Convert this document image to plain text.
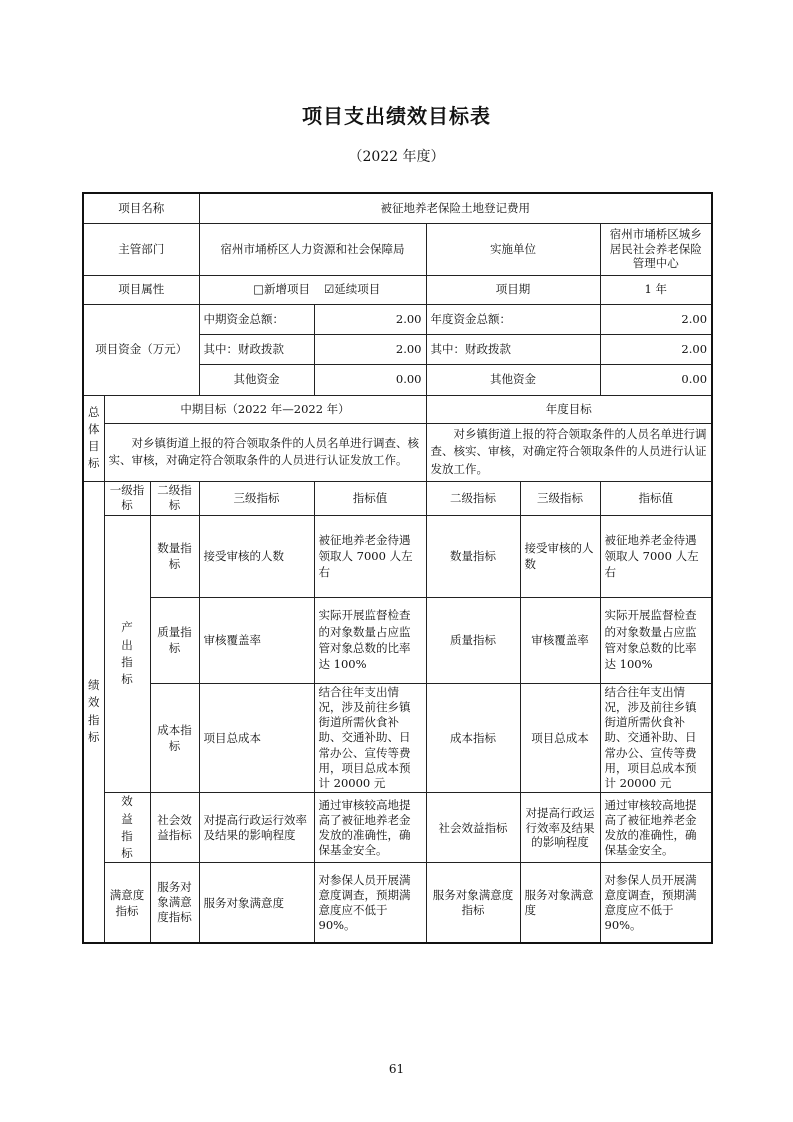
项目支出绩效目标表
（2022 年度）
项目名称			被征地养老保险土地登记费用				
主管部门			宿州市埇桥区人力资源和社会保障局		实施单位		宿州市埇桥区城乡居民社会养老保险管理中心
项目属性			□新增项目	☑延续项目	项目期		1 年
项目资金（万元）			中期资金总额：	2.00	年度资金总额：		2.00
			其中：财政拨款	2.00	其中：财政拨款		2.00
			其他资金	0.00	其他资金		0.00
总体目标	中期目标（2022 年—2022 年）				年度目标		
	对乡镇街道上报的符合领取条件的人员名单进行调查、核实、审核，对确定符合领取条件的人员进行认证发放工作。				对乡镇街道上报的符合领取条件的人员名单进行调查、核实、审核，对确定符合领取条件的人员进行认证发放工作。		
绩效指标	一级指标	二级指标	三级指标	指标值	二级指标	三级指标	指标值
	产出指标	数量指标	接受审核的人数	被征地养老金待遇领取人 7000 人左右	数量指标	接受审核的人数	被征地养老金待遇领取人 7000 人左右
		质量指标	审核覆盖率	实际开展监督检查的对象数量占应监管对象总数的比率达 100%	质量指标	审核覆盖率	实际开展监督检查的对象数量占应监管对象总数的比率达 100%
		成本指标	项目总成本	结合往年支出情况，涉及前往乡镇街道所需伙食补助、交通补助、日常办公、宣传等费用，项目总成本预计 20000 元	成本指标	项目总成本	结合往年支出情况，涉及前往乡镇街道所需伙食补助、交通补助、日常办公、宣传等费用，项目总成本预计 20000 元
	效益指标	社会效益指标	对提高行政运行效率及结果的影响程度	通过审核较高地提高了被征地养老金发放的准确性，确保基金安全。	社会效益指标	对提高行政运行效率及结果的影响程度	通过审核较高地提高了被征地养老金发放的准确性，确保基金安全。
	满意度指标	服务对象满意度指标	服务对象满意度	对参保人员开展满意度调查，预期满意度应不低于 90%。	服务对象满意度指标	服务对象满意度	对参保人员开展满意度调查，预期满意度应不低于 90%。
61
